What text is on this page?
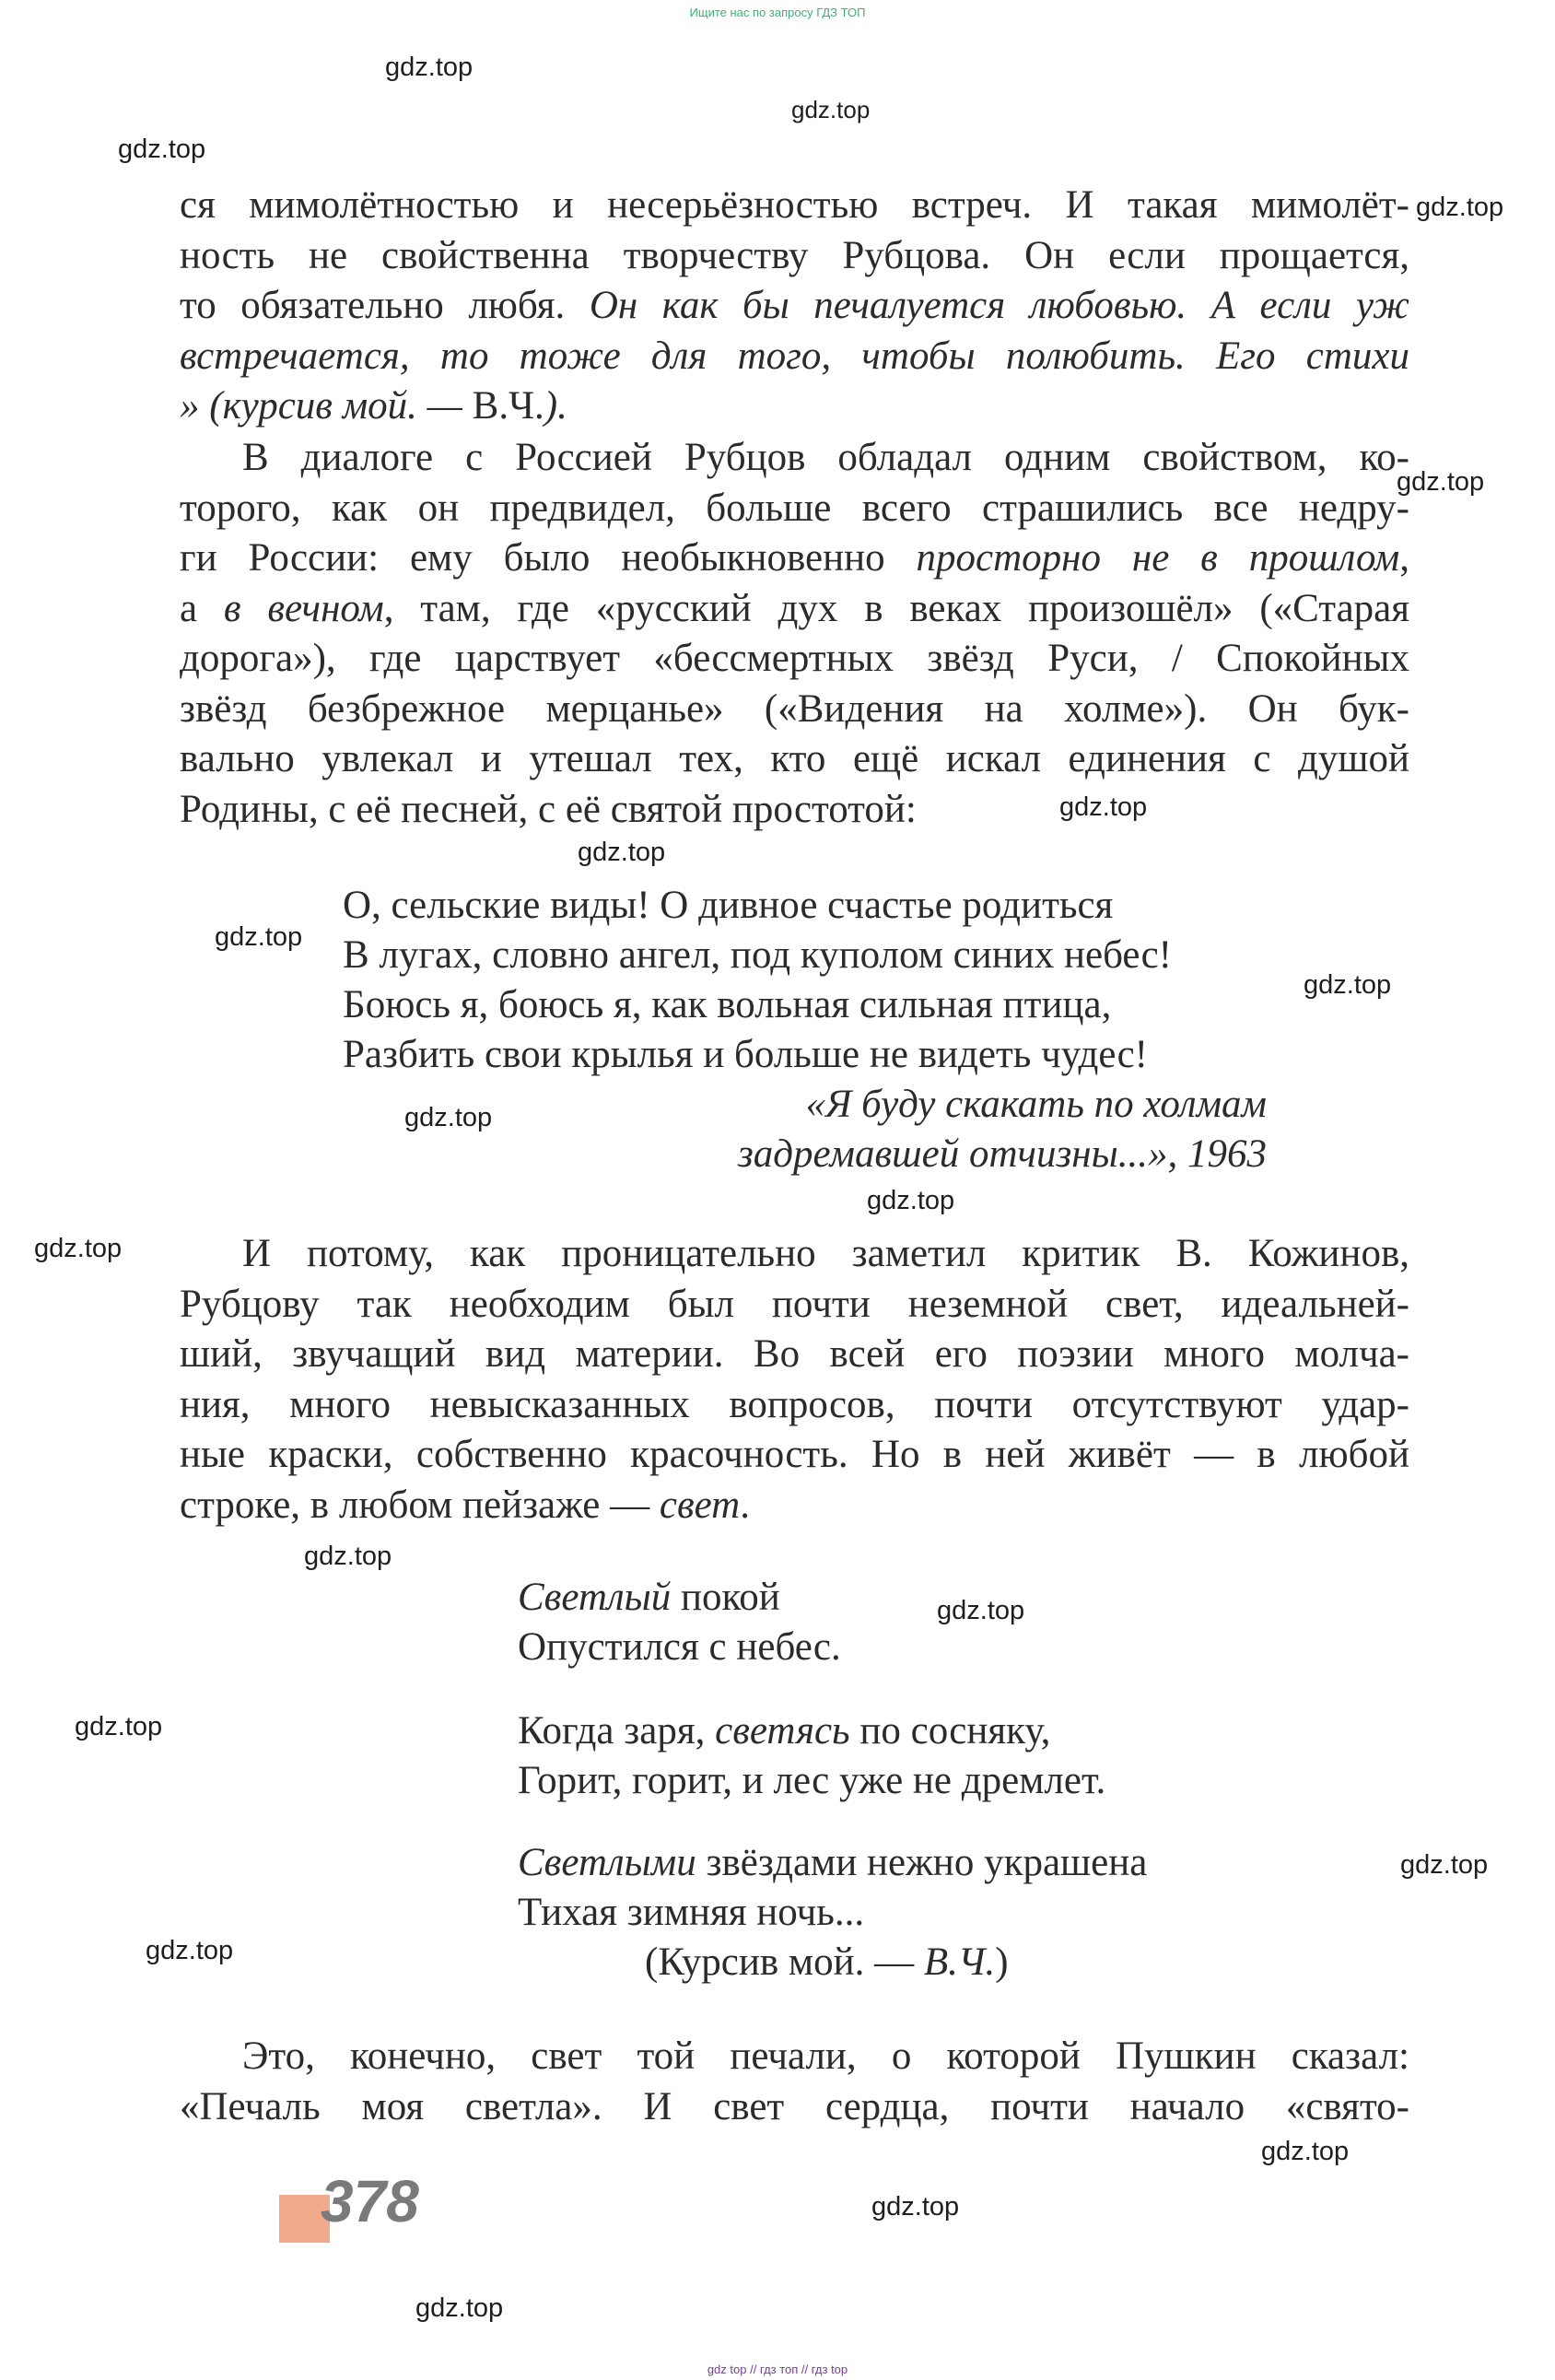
Ищите нас по запросу ГДЗ ТОП
ся мимолётностью и несерьёзностью встреч. И такая мимолёт-
ность не свойственна творчеству Рубцова. Он если прощается,
то обязательно любя. Он как бы печалуется любовью. А если уж
встречается, то тоже для того, чтобы полюбить. Его стихи
» (курсив мой. — В.Ч.).
В диалоге с Россией Рубцов обладал одним свойством, ко-
торого, как он предвидел, больше всего страшились все недру-
ги России: ему было необыкновенно просторно не в прошлом,
а в вечном, там, где «русский дух в веках произошёл» («Старая
дорога»), где царствует «бессмертных звёзд Руси, / Спокойных
звёзд безбрежное мерцанье» («Видения на холме»). Он бук-
вально увлекал и утешал тех, кто ещё искал единения с душой
Родины, с её песней, с её святой простотой:
О, сельские виды! О дивное счастье родиться
В лугах, словно ангел, под куполом синих небес!
Боюсь я, боюсь я, как вольная сильная птица,
Разбить свои крылья и больше не видеть чудес!
«Я буду скакать по холмам
задремавшей отчизны...», 1963
И потому, как проницательно заметил критик В. Кожинов,
Рубцову так необходим был почти неземной свет, идеальней-
ший, звучащий вид материи. Во всей его поэзии много молча-
ния, много невысказанных вопросов, почти отсутствуют удар-
ные краски, собственно красочность. Но в ней живёт — в любой
строке, в любом пейзаже — свет.
Светлый покой
Опустился с небес.
Когда заря, светясь по сосняку,
Горит, горит, и лес уже не дремлет.
Светлыми звёздами нежно украшена
Тихая зимняя ночь...
(Курсив мой. — В.Ч.)
Это, конечно, свет той печали, о которой Пушкин сказал:
«Печаль моя светла». И свет сердца, почти начало «свято-
378
gdz.top
gdz.top
gdz.top
gdz.top
gdz.top
gdz.top
gdz.top
gdz.top
gdz.top
gdz.top
gdz.top
gdz.top
gdz.top
gdz.top
gdz.top
gdz.top
gdz.top
gdz.top
gdz.top
gdz.top
gdz top // гдз топ // гдз top
